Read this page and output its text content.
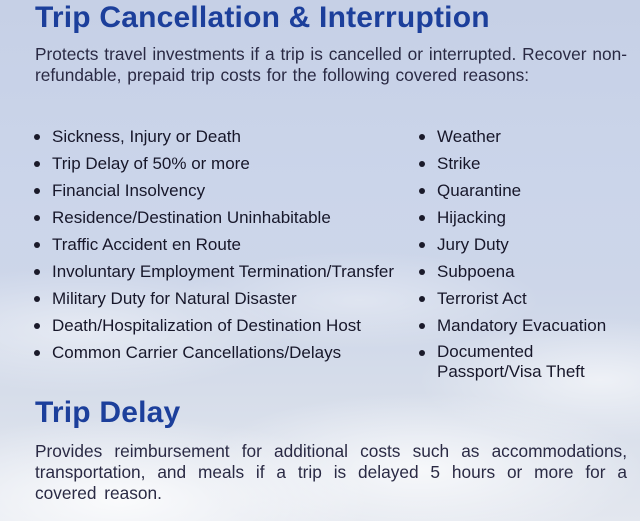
Trip Cancellation & Interruption

Protects travel investments if a trip is cancelled or interrupted. Recover non-refundable, prepaid trip costs for the following covered reasons:

Sickness, Injury or Death
Trip Delay of 50% or more
Financial Insolvency
Residence/Destination Uninhabitable
Traffic Accident en Route
Involuntary Employment Termination/Transfer
Military Duty for Natural Disaster
Death/Hospitalization of Destination Host
Common Carrier Cancellations/Delays
Weather
Strike
Quarantine
Hijacking
Jury Duty
Subpoena
Terrorist Act
Mandatory Evacuation
Documented Passport/Visa Theft
Trip Delay

Provides reimbursement for additional costs such as accommodations, transportation, and meals if a trip is delayed 5 hours or more for a covered reason.
